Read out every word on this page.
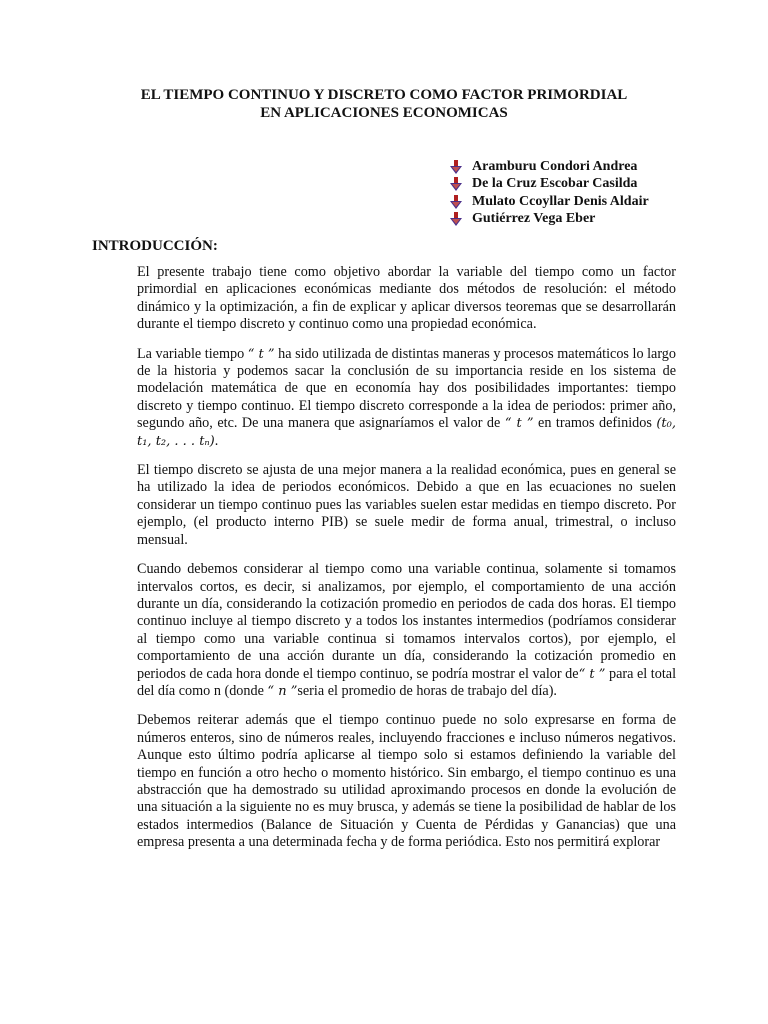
EL TIEMPO CONTINUO Y DISCRETO COMO FACTOR PRIMORDIAL
EN APLICACIONES ECONOMICAS
Aramburu Condori Andrea
De la Cruz Escobar Casilda
Mulato Ccoyllar Denis Aldair
Gutiérrez Vega Eber
INTRODUCCIÓN:

El presente trabajo tiene como objetivo abordar la variable del tiempo como un factor primordial en aplicaciones económicas mediante dos métodos de resolución: el método dinámico y la optimización, a fin de explicar y aplicar diversos teoremas que se desarrollarán durante el tiempo discreto y continuo como una propiedad económica.

La variable tiempo “ t ” ha sido utilizada de distintas maneras y procesos matemáticos lo largo de la historia y podemos sacar la conclusión de su importancia reside en los sistema de modelación matemática de que en economía hay dos posibilidades importantes: tiempo discreto y tiempo continuo. El tiempo discreto corresponde a la idea de periodos: primer año, segundo año, etc. De una manera que asignaríamos el valor de “ t ” en tramos definidos (t₀, t₁, t₂, . . . tₙ).

El tiempo discreto se ajusta de una mejor manera a la realidad económica, pues en general se ha utilizado la idea de periodos económicos. Debido a que en las ecuaciones no suelen considerar un tiempo continuo pues las variables suelen estar medidas en tiempo discreto. Por ejemplo, (el producto interno PIB) se suele medir de forma anual, trimestral, o incluso mensual.

Cuando debemos considerar al tiempo como una variable continua, solamente si tomamos intervalos cortos, es decir, si analizamos, por ejemplo, el comportamiento de una acción durante un día, considerando la cotización promedio en periodos de cada dos horas. El tiempo continuo incluye al tiempo discreto y a todos los instantes intermedios (podríamos considerar al tiempo como una variable continua si tomamos intervalos cortos), por ejemplo, el comportamiento de una acción durante un día, considerando la cotización promedio en periodos de cada hora donde el tiempo continuo, se podría mostrar el valor de“ t ” para el total del día como n (donde “ n ”seria el promedio de horas de trabajo del día).

Debemos reiterar además que el tiempo continuo puede no solo expresarse en forma de números enteros, sino de números reales, incluyendo fracciones e incluso números negativos. Aunque esto último podría aplicarse al tiempo solo si estamos definiendo la variable del tiempo en función a otro hecho o momento histórico. Sin embargo, el tiempo continuo es una abstracción que ha demostrado su utilidad aproximando procesos en donde la evolución de una situación a la siguiente no es muy brusca, y además se tiene la posibilidad de hablar de los estados intermedios (Balance de Situación y Cuenta de Pérdidas y Ganancias) que una empresa presenta a una determinada fecha y de forma periódica. Esto nos permitirá explorar
